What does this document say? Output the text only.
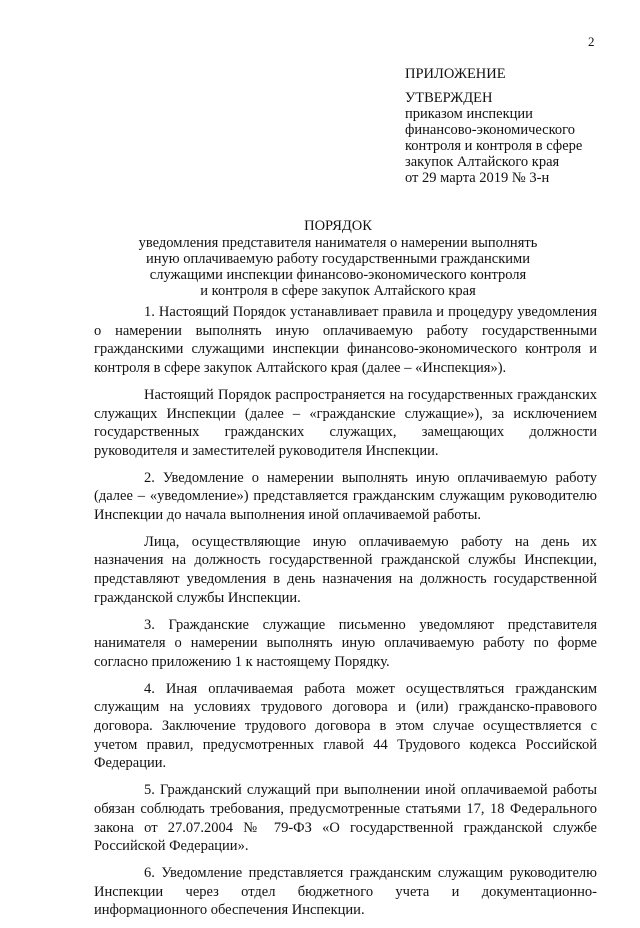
2
ПРИЛОЖЕНИЕ
УТВЕРЖДЕН
приказом инспекции
финансово-экономического
контроля и контроля в сфере
закупок Алтайского края
от 29 марта 2019 № 3-н
ПОРЯДОК
уведомления представителя нанимателя о намерении выполнять
иную оплачиваемую работу государственными гражданскими
служащими инспекции финансово-экономического контроля
и контроля в сфере закупок Алтайского края

1. Настоящий Порядок устанавливает правила и процедуру уведомления о намерении выполнять иную оплачиваемую работу государственными гражданскими служащими инспекции финансово-экономического контроля и контроля в сфере закупок Алтайского края (далее – «Инспекция»).

Настоящий Порядок распространяется на государственных гражданских служащих Инспекции (далее – «гражданские служащие»), за исключением государственных гражданских служащих, замещающих должности руководителя и заместителей руководителя Инспекции.

2. Уведомление о намерении выполнять иную оплачиваемую работу (далее – «уведомление») представляется гражданским служащим руководителю Инспекции до начала выполнения иной оплачиваемой работы.

Лица, осуществляющие иную оплачиваемую работу на день их назначения на должность государственной гражданской службы Инспекции, представляют уведомления в день назначения на должность государственной гражданской службы Инспекции.

3. Гражданские служащие письменно уведомляют представителя нанимателя о намерении выполнять иную оплачиваемую работу по форме согласно приложению 1 к настоящему Порядку.

4. Иная оплачиваемая работа может осуществляться гражданским служащим на условиях трудового договора и (или) гражданско-правового договора. Заключение трудового договора в этом случае осуществляется с учетом правил, предусмотренных главой 44 Трудового кодекса Российской Федерации.

5. Гражданский служащий при выполнении иной оплачиваемой работы обязан соблюдать требования, предусмотренные статьями 17, 18 Федерального закона от 27.07.2004 № 79-ФЗ «О государственной гражданской службе Российской Федерации».

6. Уведомление представляется гражданским служащим руководителю Инспекции через отдел бюджетного учета и документационно-информационного обеспечения Инспекции.
